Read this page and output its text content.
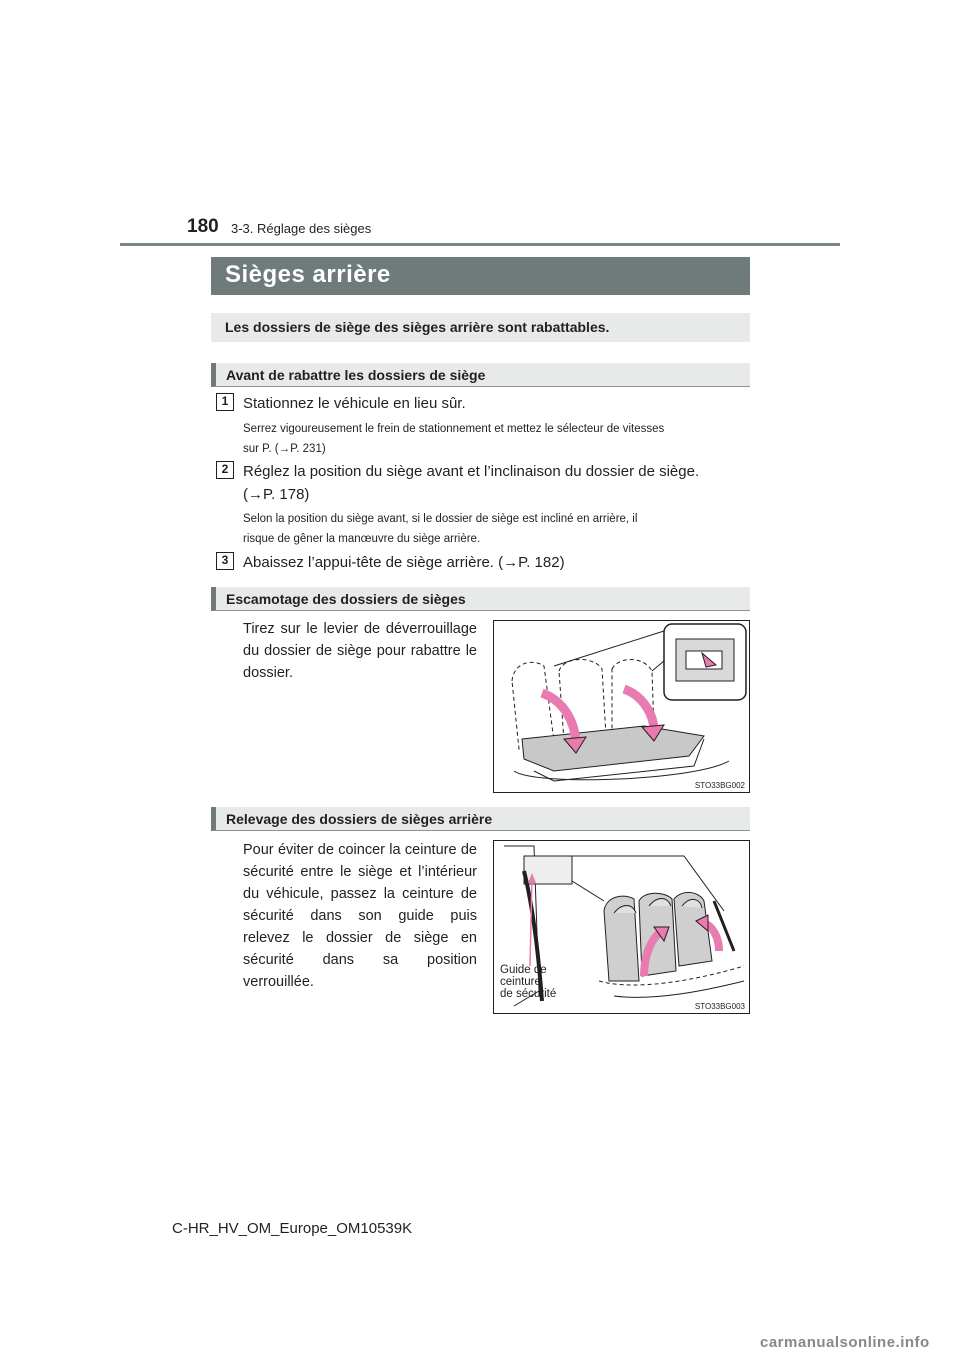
180 3-3. Réglage des sièges
Sièges arrière
Les dossiers de siège des sièges arrière sont rabattables.
Avant de rabattre les dossiers de siège
1 Stationnez le véhicule en lieu sûr.
Serrez vigoureusement le frein de stationnement et mettez le sélecteur de vitesses
sur P. (→P. 231)
2 Réglez la position du siège avant et l’inclinaison du dossier de siège.
(→P. 178)
Selon la position du siège avant, si le dossier de siège est incliné en arrière, il
risque de gêner la manœuvre du siège arrière.
3 Abaissez l’appui-tête de siège arrière. (→P. 182)
Escamotage des dossiers de sièges
Tirez sur le levier de déverrouillage du dossier de siège pour rabattre le dossier.
STO33BG002
Relevage des dossiers de sièges arrière
Pour éviter de coincer la ceinture de sécurité entre le siège et l’intérieur du véhicule, passez la ceinture de sécurité dans son guide puis relevez le dossier de siège en sécurité dans sa position verrouillée.
Guide de
ceinture
de sécurité
STO33BG003
C-HR_HV_OM_Europe_OM10539K
carmanualsonline.info
